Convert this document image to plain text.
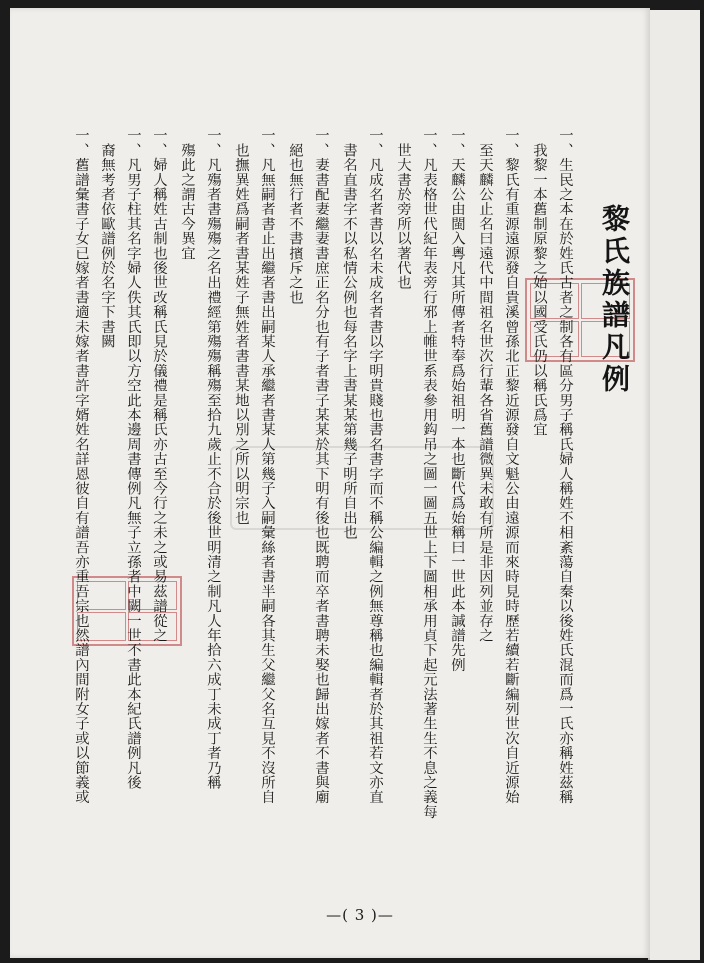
黎氏族譜凡例
一、生民之本在於姓氏古者之制各有區分男子稱氏婦人稱姓不相紊蕩自秦以後姓氏混而爲一氏亦稱姓茲稱
　我黎一本舊制原黎之始以國受氏仍以稱氏爲宜
一、黎氏有重源遠源發自貴溪曾孫北正黎近源發自文魁公由遠源而來時見時歷若續若斷編列世次自近源始
　至天麟公止名曰遠代中間祖名世次行輩各省舊譜微異未敢有所是非因列並存之
一、天麟公由閩入粵凡其所傳者特奉爲始祖明一本也斷代爲始稱曰一世此本諴譜先例
一、凡表格世代紀年表旁行邪上帷世系表參用鈎吊之圖一圖五世上下圖相承用貞下起元法著生生不息之義每
　世大書於旁所以著代也
一、凡成名者書以名未成名者書以字明貴賤也書名書字而不稱公編輯之例無尊稱也編輯者於其祖若文亦直
　書名直書字不以私情公例也每名字上書某某第幾子明所自出也
一、妻書配妻繼妻書庶正名分也有子者書子某某於其下明有後也既聘而卒者書聘未娶也歸出嫁者不書與廟
　絕也無行者不書擯斥之也
一、凡無嗣者書止出繼者書出嗣某人承繼者書某人第幾子入嗣彙絲者書半嗣各其生父繼父名互見不沒所自
　也撫異姓爲嗣者書某姓子無姓者書書某地以別之所以明宗也
一、凡殤者書殤殤之名出禮經第殤殤稱殤至拾九歲止不合於後世明清之制凡人年拾六成丁未成丁者乃稱
　殤此之謂古今異宜
一、婦人稱姓古制也後世改稱氏見於儀禮是稱氏亦古至今行之未之或易茲譜從之
一、凡男子柱其名字婦人佚其氏即以方空此本邊周書傳例凡無子立孫者中闕一世不書此本紀氏譜例凡後
　裔無考者依歐譜例於名字下書闕
一、舊譜彙書子女已嫁者書適未嫁者書許字婿姓名詳恩彼自有譜吾亦重吾宗也然譜內間附女子或以節義或
—( 3 )—
